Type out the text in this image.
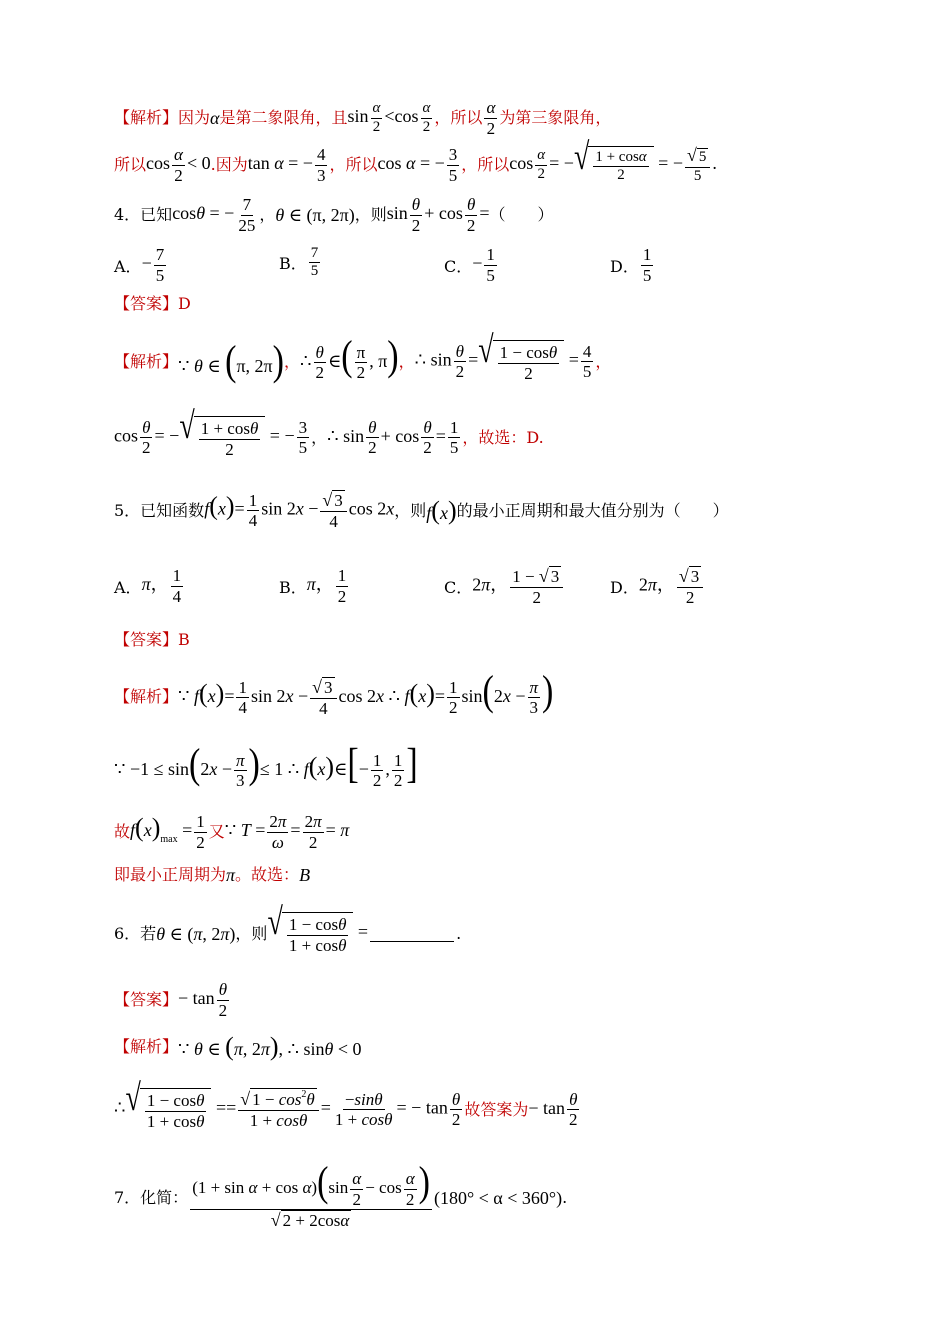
【解析】 因为 α 是第二象限角，且 $\sin \frac{\alpha}{2} <\cos \frac{\alpha}{2}$ ，所以 $\frac{\alpha}{2}$ 为第三象限角，
所以 $\cos \frac{\alpha}{2} < 0$ .因为 tan α = − $\frac{4}{3}$ ，所以 cos α = − $\frac{3}{5}$ ，所以 $\cos \frac{\alpha}{2}$ = − √ $\frac{1 + \cos\alpha}{2}$ = − $\frac{√ 5}{5}$ .
4．已知 cosθ = − $\frac{7}{25}$ ， θ ∈ (π, 2π) ，则 $\sin \frac{\theta}{2} + \cos \frac{\theta}{2}$ = （　　）
A． − $\frac{7}{5}$	B． $\frac{7}{5}$	C． − $\frac{1}{5}$	D． $\frac{1}{5}$
【答案】 D
【解析】 ∵ θ ∈ (π, 2π) ， ∴ $\frac{\theta}{2}$ ∈( $\frac{\pi}{2}$ , π) ， ∴ $\sin \frac{\theta}{2}$ = √ $\frac{1 - \cos\theta}{2} = \frac{4}{5}$ ，
$\cos \frac{\theta}{2}$ = − √ $\frac{1 + \cos\theta}{2}$ = − $\frac{3}{5}$ ， ∴ $\sin \frac{\theta}{2} + \cos \frac{\theta}{2} = \frac{1}{5}$ ，故选：D.
5．已知函数 $f(x)= \frac{1}{4}$ $\sin 2x - \frac{√ 3}{4}$ cos 2x ，则 f(x) 的最小正周期和最大值分别为（　　）
A． π， $\frac{1}{4}$	B． π， $\frac{1}{2}$	C． 2π， $\frac{1 - √ 3}{2}$	D． 2π， $\frac{√ 3}{2}$
【答案】 B
【解析】 ∵ $f(x)= \frac{1}{4}$ $\sin 2x - \frac{√ 3}{4}$ cos 2x ∴ $f(x)= \frac{1}{2} \sin(2x - \frac{\pi}{3}$ )
∵ $-1 \le \sin(2x - \frac{\pi}{3}$ )≤ 1 ∴ f(x)∈[− $\frac{1}{2}$ , $\frac{1}{2}$ ]
故 $f(x)_{max} = \frac{1}{2}$ 又 ∵ $T = \frac{2\pi}{\omega} = \frac{2\pi}{2} = \pi$
即最小正周期为 π 。故选： B
6．若 θ ∈ (π, 2π) ，则 √ $\frac{1 - \cos\theta}{1 + \cos\theta}$ =	.
【答案】 − $\tan \frac{\theta}{2}$
【解析】 ∵ θ ∈ (π, 2π), ∴ sinθ < 0
∴ √ $\frac{1 - \cos\theta}{1 + \cos\theta} == \frac{√ 1 - \cos^2\theta}{1 + \cos\theta} = \frac{-\sin\theta}{1 + \cos\theta}$ = − $\tan \frac{\theta}{2}$ 故答案为 − $\tan \frac{\theta}{2}$
7．化简： $\frac{(1 + \sin \alpha + \cos \alpha)(\sin \frac{\alpha}{2} - \cos \frac{\alpha}{2} )}{√ 2 + 2\cos\alpha} (180^\circ < \alpha < 360^\circ)$ .
